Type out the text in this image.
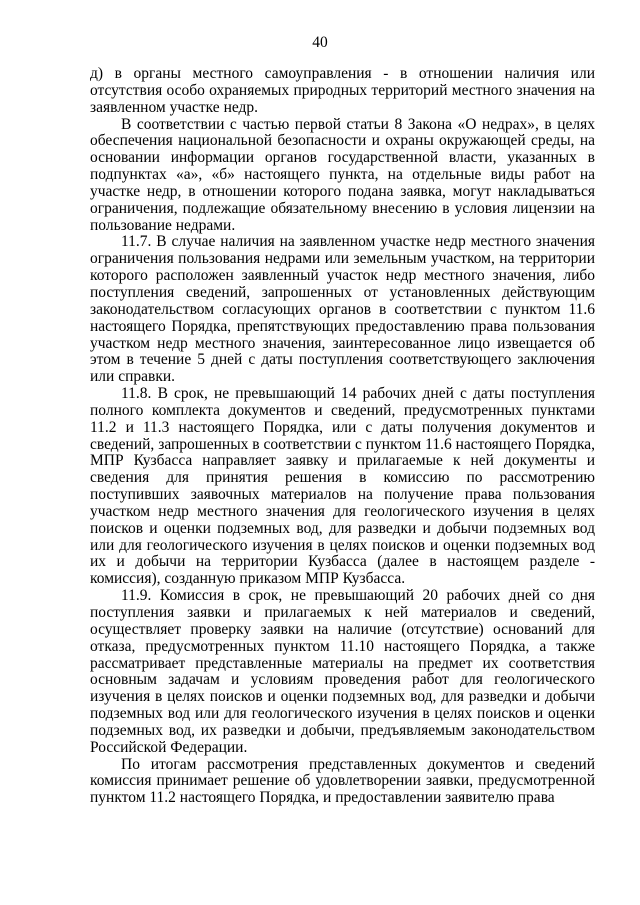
40

д) в органы местного самоуправления - в отношении наличия или отсутствия особо охраняемых природных территорий местного значения на заявленном участке недр.

В соответствии с частью первой статьи 8 Закона «О недрах», в целях обеспечения национальной безопасности и охраны окружающей среды, на основании информации органов государственной власти, указанных в подпунктах «а», «б» настоящего пункта, на отдельные виды работ на участке недр, в отношении которого подана заявка, могут накладываться ограничения, подлежащие обязательному внесению в условия лицензии на пользование недрами.

11.7. В случае наличия на заявленном участке недр местного значения ограничения пользования недрами или земельным участком, на территории которого расположен заявленный участок недр местного значения, либо поступления сведений, запрошенных от установленных действующим законодательством согласующих органов в соответствии с пунктом 11.6 настоящего Порядка, препятствующих предоставлению права пользования участком недр местного значения, заинтересованное лицо извещается об этом в течение 5 дней с даты поступления соответствующего заключения или справки.

11.8. В срок, не превышающий 14 рабочих дней с даты поступления полного комплекта документов и сведений, предусмотренных пунктами 11.2 и 11.3 настоящего Порядка, или с даты получения документов и сведений, запрошенных в соответствии с пунктом 11.6 настоящего Порядка, МПР Кузбасса направляет заявку и прилагаемые к ней документы и сведения для принятия решения в комиссию по рассмотрению поступивших заявочных материалов на получение права пользования участком недр местного значения для геологического изучения в целях поисков и оценки подземных вод, для разведки и добычи подземных вод или для геологического изучения в целях поисков и оценки подземных вод их и добычи на территории Кузбасса (далее в настоящем разделе - комиссия), созданную приказом МПР Кузбасса.

11.9. Комиссия в срок, не превышающий 20 рабочих дней со дня поступления заявки и прилагаемых к ней материалов и сведений, осуществляет проверку заявки на наличие (отсутствие) оснований для отказа, предусмотренных пунктом 11.10 настоящего Порядка, а также рассматривает представленные материалы на предмет их соответствия основным задачам и условиям проведения работ для геологического изучения в целях поисков и оценки подземных вод, для разведки и добычи подземных вод или для геологического изучения в целях поисков и оценки подземных вод, их разведки и добычи, предъявляемым законодательством Российской Федерации.

По итогам рассмотрения представленных документов и сведений комиссия принимает решение об удовлетворении заявки, предусмотренной пунктом 11.2 настоящего Порядка, и предоставлении заявителю права
